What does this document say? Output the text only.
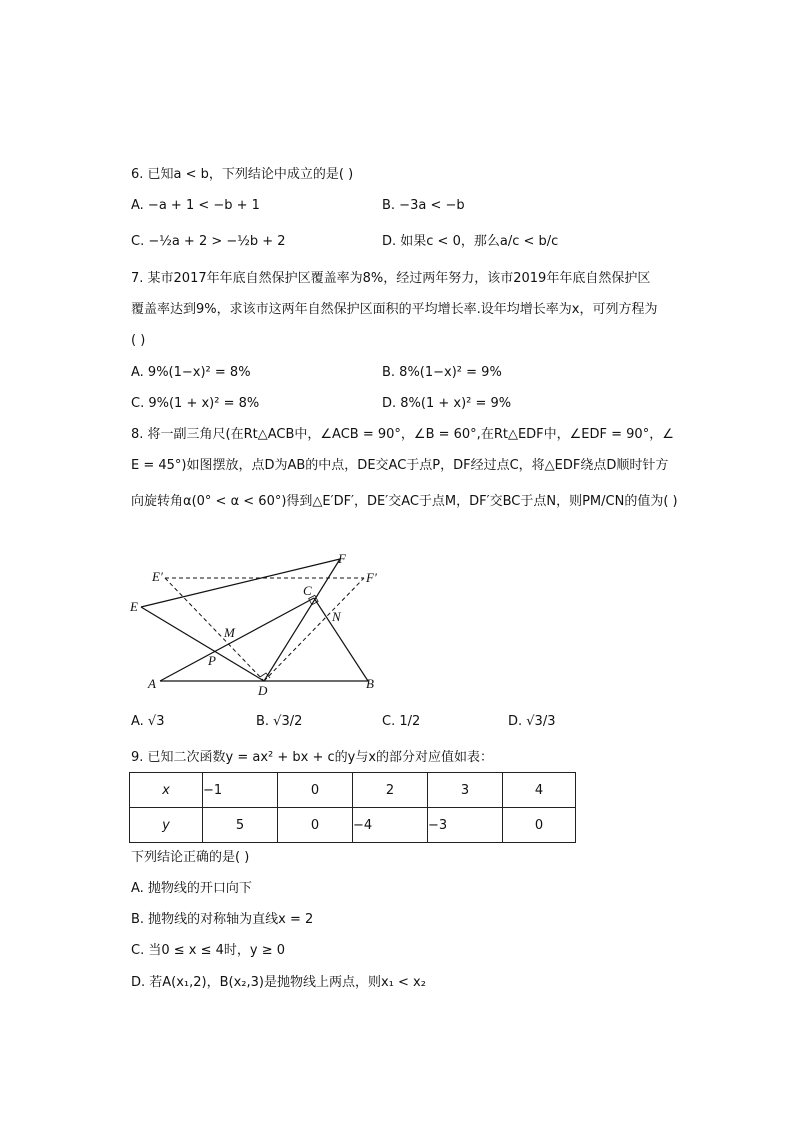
6. 已知a < b，下列结论中成立的是( )
A. −a + 1 < −b + 1	B. −3a < −b
C. −½a + 2 > −½b + 2	D. 如果c < 0，那么a/c < b/c
7. 某市2017年年底自然保护区覆盖率为8%，经过两年努力，该市2019年年底自然保护区
覆盖率达到9%，求该市这两年自然保护区面积的平均增长率.设年均增长率为x，可列方程为
( )
A. 9%(1−x)² = 8%	B. 8%(1−x)² = 9%
C. 9%(1 + x)² = 8%	D. 8%(1 + x)² = 9%
8. 将一副三角尺(在Rt△ACB中，∠ACB = 90°，∠B = 60°,在Rt△EDF中，∠EDF = 90°，∠
E = 45°)如图摆放，点D为AB的中点，DE交AC于点P，DF经过点C，将△EDF绕点D顺时针方
向旋转角α(0° < α < 60°)得到△E′DF′，DE′交AC于点M，DF′交BC于点N，则PM/CN的值为( )
E′	F′
F
E
C
N
M
P
A	D	B
A. √3	B. √3/2	C. 1/2	D. √3/3
9. 已知二次函数y = ax² + bx + c的y与x的部分对应值如表：
x	−1	0	2	3	4
y	5	0	−4	−3	0
下列结论正确的是( )
A. 抛物线的开口向下
B. 抛物线的对称轴为直线x = 2
C. 当0 ≤ x ≤ 4时，y ≥ 0
D. 若A(x₁,2)，B(x₂,3)是抛物线上两点，则x₁ < x₂
